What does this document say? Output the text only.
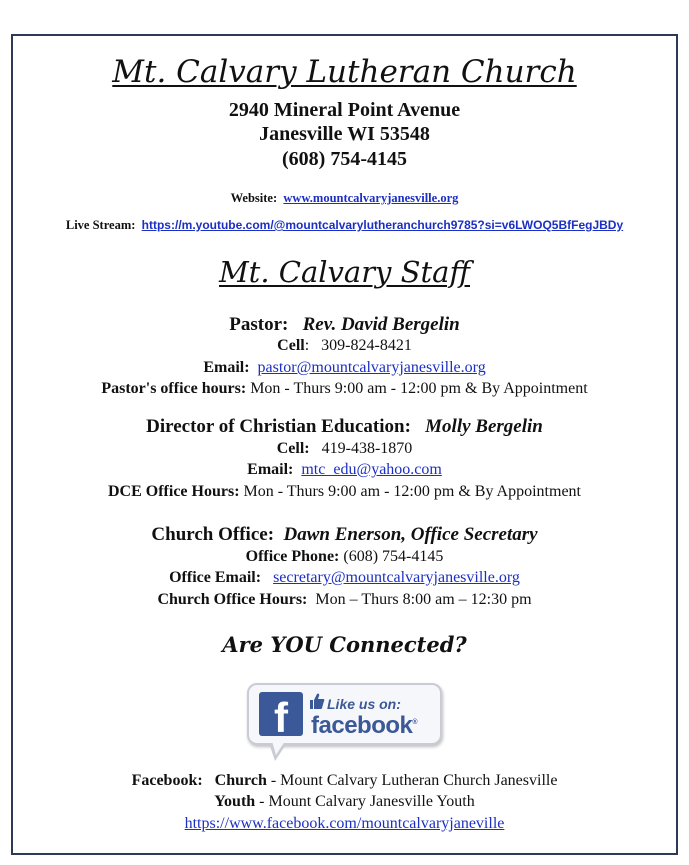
Mt. Calvary Lutheran Church
2940 Mineral Point Avenue
Janesville WI 53548
(608) 754-4145
Website: www.mountcalvaryjanesville.org
Live Stream: https://m.youtube.com/@mountcalvarylutheranchurch9785?si=v6LWOQ5BfFegJBDy
Mt. Calvary Staff
Pastor: Rev. David Bergelin
Cell: 309-824-8421
Email: pastor@mountcalvaryjanesville.org
Pastor's office hours: Mon - Thurs 9:00 am - 12:00 pm & By Appointment
Director of Christian Education: Molly Bergelin
Cell: 419-438-1870
Email: mtc_edu@yahoo.com
DCE Office Hours: Mon - Thurs 9:00 am - 12:00 pm & By Appointment
Church Office: Dawn Enerson, Office Secretary
Office Phone: (608) 754-4145
Office Email: secretary@mountcalvaryjanesville.org
Church Office Hours: Mon – Thurs 8:00 am – 12:30 pm
Are YOU Connected?
f	Like us on:
facebook®
Facebook: Church - Mount Calvary Lutheran Church Janesville
Youth - Mount Calvary Janesville Youth
https://www.facebook.com/mountcalvaryjaneville
